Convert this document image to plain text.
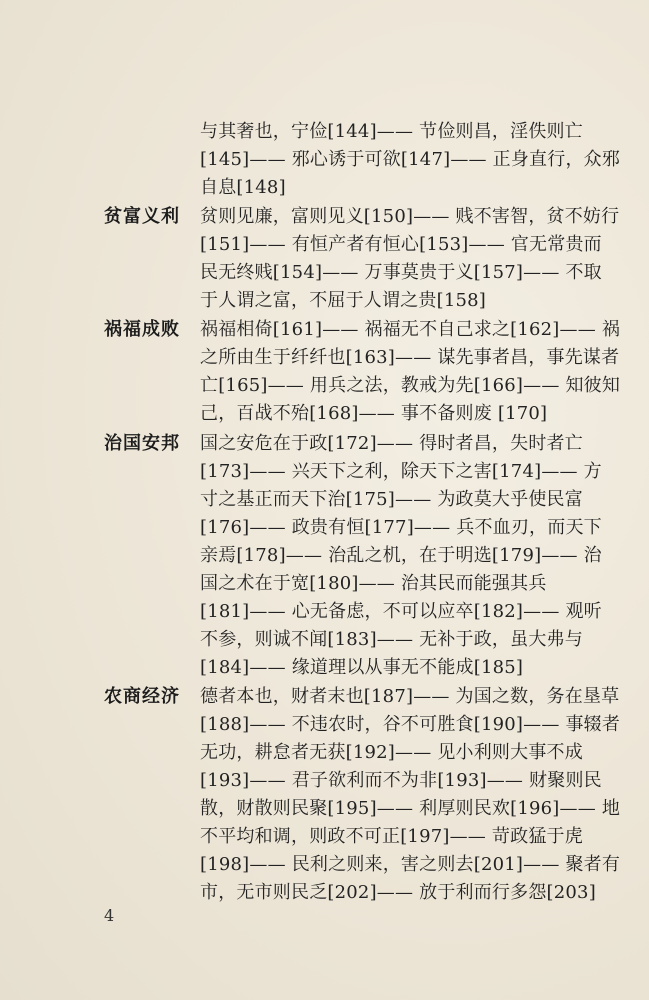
与其奢也，宁俭[144]—— 节俭则昌，淫佚则亡
[145]—— 邪心诱于可欲[147]—— 正身直行，众邪
自息[148]
贫富义利 贫则见廉，富则见义[150]—— 贱不害智，贫不妨行
[151]—— 有恒产者有恒心[153]—— 官无常贵而
民无终贱[154]—— 万事莫贵于义[157]—— 不取
于人谓之富，不屈于人谓之贵[158]
祸福成败 祸福相倚[161]—— 祸福无不自己求之[162]—— 祸
之所由生于纤纤也[163]—— 谋先事者昌，事先谋者
亡[165]—— 用兵之法，教戒为先[166]—— 知彼知
己，百战不殆[168]—— 事不备则废 [170]
治国安邦 国之安危在于政[172]—— 得时者昌，失时者亡
[173]—— 兴天下之利，除天下之害[174]—— 方
寸之基正而天下治[175]—— 为政莫大乎使民富
[176]—— 政贵有恒[177]—— 兵不血刃，而天下
亲焉[178]—— 治乱之机，在于明选[179]—— 治
国之术在于宽[180]—— 治其民而能强其兵
[181]—— 心无备虑，不可以应卒[182]—— 观听
不参，则诚不闻[183]—— 无补于政，虽大弗与
[184]—— 缘道理以从事无不能成[185]
农商经济 德者本也，财者末也[187]—— 为国之数，务在垦草
[188]—— 不违农时，谷不可胜食[190]—— 事辍者
无功，耕怠者无获[192]—— 见小利则大事不成
[193]—— 君子欲利而不为非[193]—— 财聚则民
散，财散则民聚[195]—— 利厚则民欢[196]—— 地
不平均和调，则政不可正[197]—— 苛政猛于虎
[198]—— 民利之则来，害之则去[201]—— 聚者有
市，无市则民乏[202]—— 放于利而行多怨[203]
4
